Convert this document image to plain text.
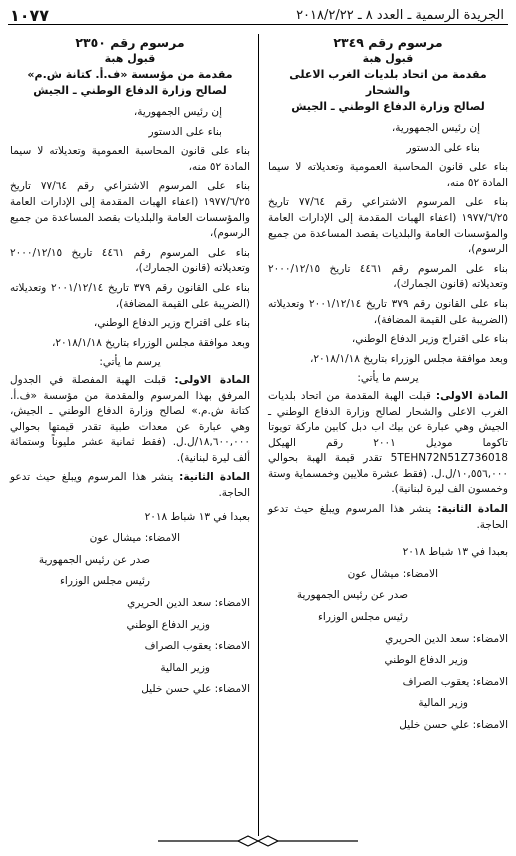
الجريدة الرسمية ـ العدد ٨ ـ ٢٠١٨/٢/٢٢
١٠٧٧
مرسوم رقم ٢٣٤٩
قبول هبة
مقدمة من اتحاد بلديات الغرب الاعلى والشحار
لصالح وزارة الدفاع الوطني ـ الجيش

إن رئيس الجمهورية،

بناء على الدستور

بناء على قانون المحاسبة العمومية وتعديلاته لا سيما المادة ٥٢ منه،

بناء على المرسوم الاشتراعي رقم ٧٧/٦٤ تاريخ ١٩٧٧/٦/٢٥ (اعفاء الهبات المقدمة إلى الإدارات العامة والمؤسسات العامة والبلديات بقصد المساعدة من جميع الرسوم)،

بناء على المرسوم رقم ٤٤٦١ تاريخ ٢٠٠٠/١٢/١٥ وتعديلاته (قانون الجمارك)،

بناء على القانون رقم ٣٧٩ تاريخ ٢٠٠١/١٢/١٤ وتعديلاته (الضريبة على القيمة المضافة)،

بناء على اقتراح وزير الدفاع الوطني،

وبعد موافقة مجلس الوزراء بتاريخ ٢٠١٨/١/١٨،

يرسم ما يأتي:

المادة الاولى: قبلت الهبة المقدمة من اتحاد بلديات الغرب الاعلى والشحار لصالح وزارة الدفاع الوطني ـ الجيش وهي عبارة عن بيك اب دبل كابين ماركة تويوتا تاكوما موديل ٢٠٠١ رقم الهيكل 5TEHN72N51Z736018 تقدر قيمة الهبة بحوالي ١٠,٥٥٦,٠٠٠/ل.ل. (فقط عشرة ملايين وخمسماية وستة وخمسون الف ليرة لبنانية).

المادة الثانية: ينشر هذا المرسوم ويبلغ حيث تدعو الحاجة.

بعبدا في ١٣ شباط ٢٠١٨

الامضاء: ميشال عون

صدر عن رئيس الجمهورية

رئيس مجلس الوزراء

الامضاء: سعد الدين الحريري

وزير الدفاع الوطني

الامضاء: يعقوب الصراف

وزير المالية

الامضاء: علي حسن خليل

مرسوم رقم ٢٣٥٠
قبول هبة
مقدمة من مؤسسة «ف.أ. كتانة ش.م»
لصالح وزارة الدفاع الوطني ـ الجيش

إن رئيس الجمهورية،

بناء على الدستور

بناء على قانون المحاسبة العمومية وتعديلاته لا سيما المادة ٥٢ منه،

بناء على المرسوم الاشتراعي رقم ٧٧/٦٤ تاريخ ١٩٧٧/٦/٢٥ (اعفاء الهبات المقدمة إلى الإدارات العامة والمؤسسات العامة والبلديات بقصد المساعدة من جميع الرسوم)،

بناء على المرسوم رقم ٤٤٦١ تاريخ ٢٠٠٠/١٢/١٥ وتعديلاته (قانون الجمارك)،

بناء على القانون رقم ٣٧٩ تاريخ ٢٠٠١/١٢/١٤ وتعديلاته (الضريبة على القيمة المضافة)،

بناء على اقتراح وزير الدفاع الوطني،

وبعد موافقة مجلس الوزراء بتاريخ ٢٠١٨/١/١٨،

يرسم ما يأتي:

المادة الاولى: قبلت الهبة المفصلة في الجدول المرفق بهذا المرسوم والمقدمة من مؤسسة «ف.أ. كتانة ش.م.» لصالح وزارة الدفاع الوطني ـ الجيش، وهي عبارة عن معدات طبية تقدر قيمتها بحوالي ١٨,٦٠٠,٠٠٠/ل.ل. (فقط ثمانية عشر مليوناً وستمائة ألف ليرة لبنانية).

المادة الثانية: ينشر هذا المرسوم ويبلغ حيث تدعو الحاجة.

بعبدا في ١٣ شباط ٢٠١٨

الامضاء: ميشال عون

صدر عن رئيس الجمهورية

رئيس مجلس الوزراء

الامضاء: سعد الدين الحريري

وزير الدفاع الوطني

الامضاء: يعقوب الصراف

وزير المالية

الامضاء: علي حسن خليل
